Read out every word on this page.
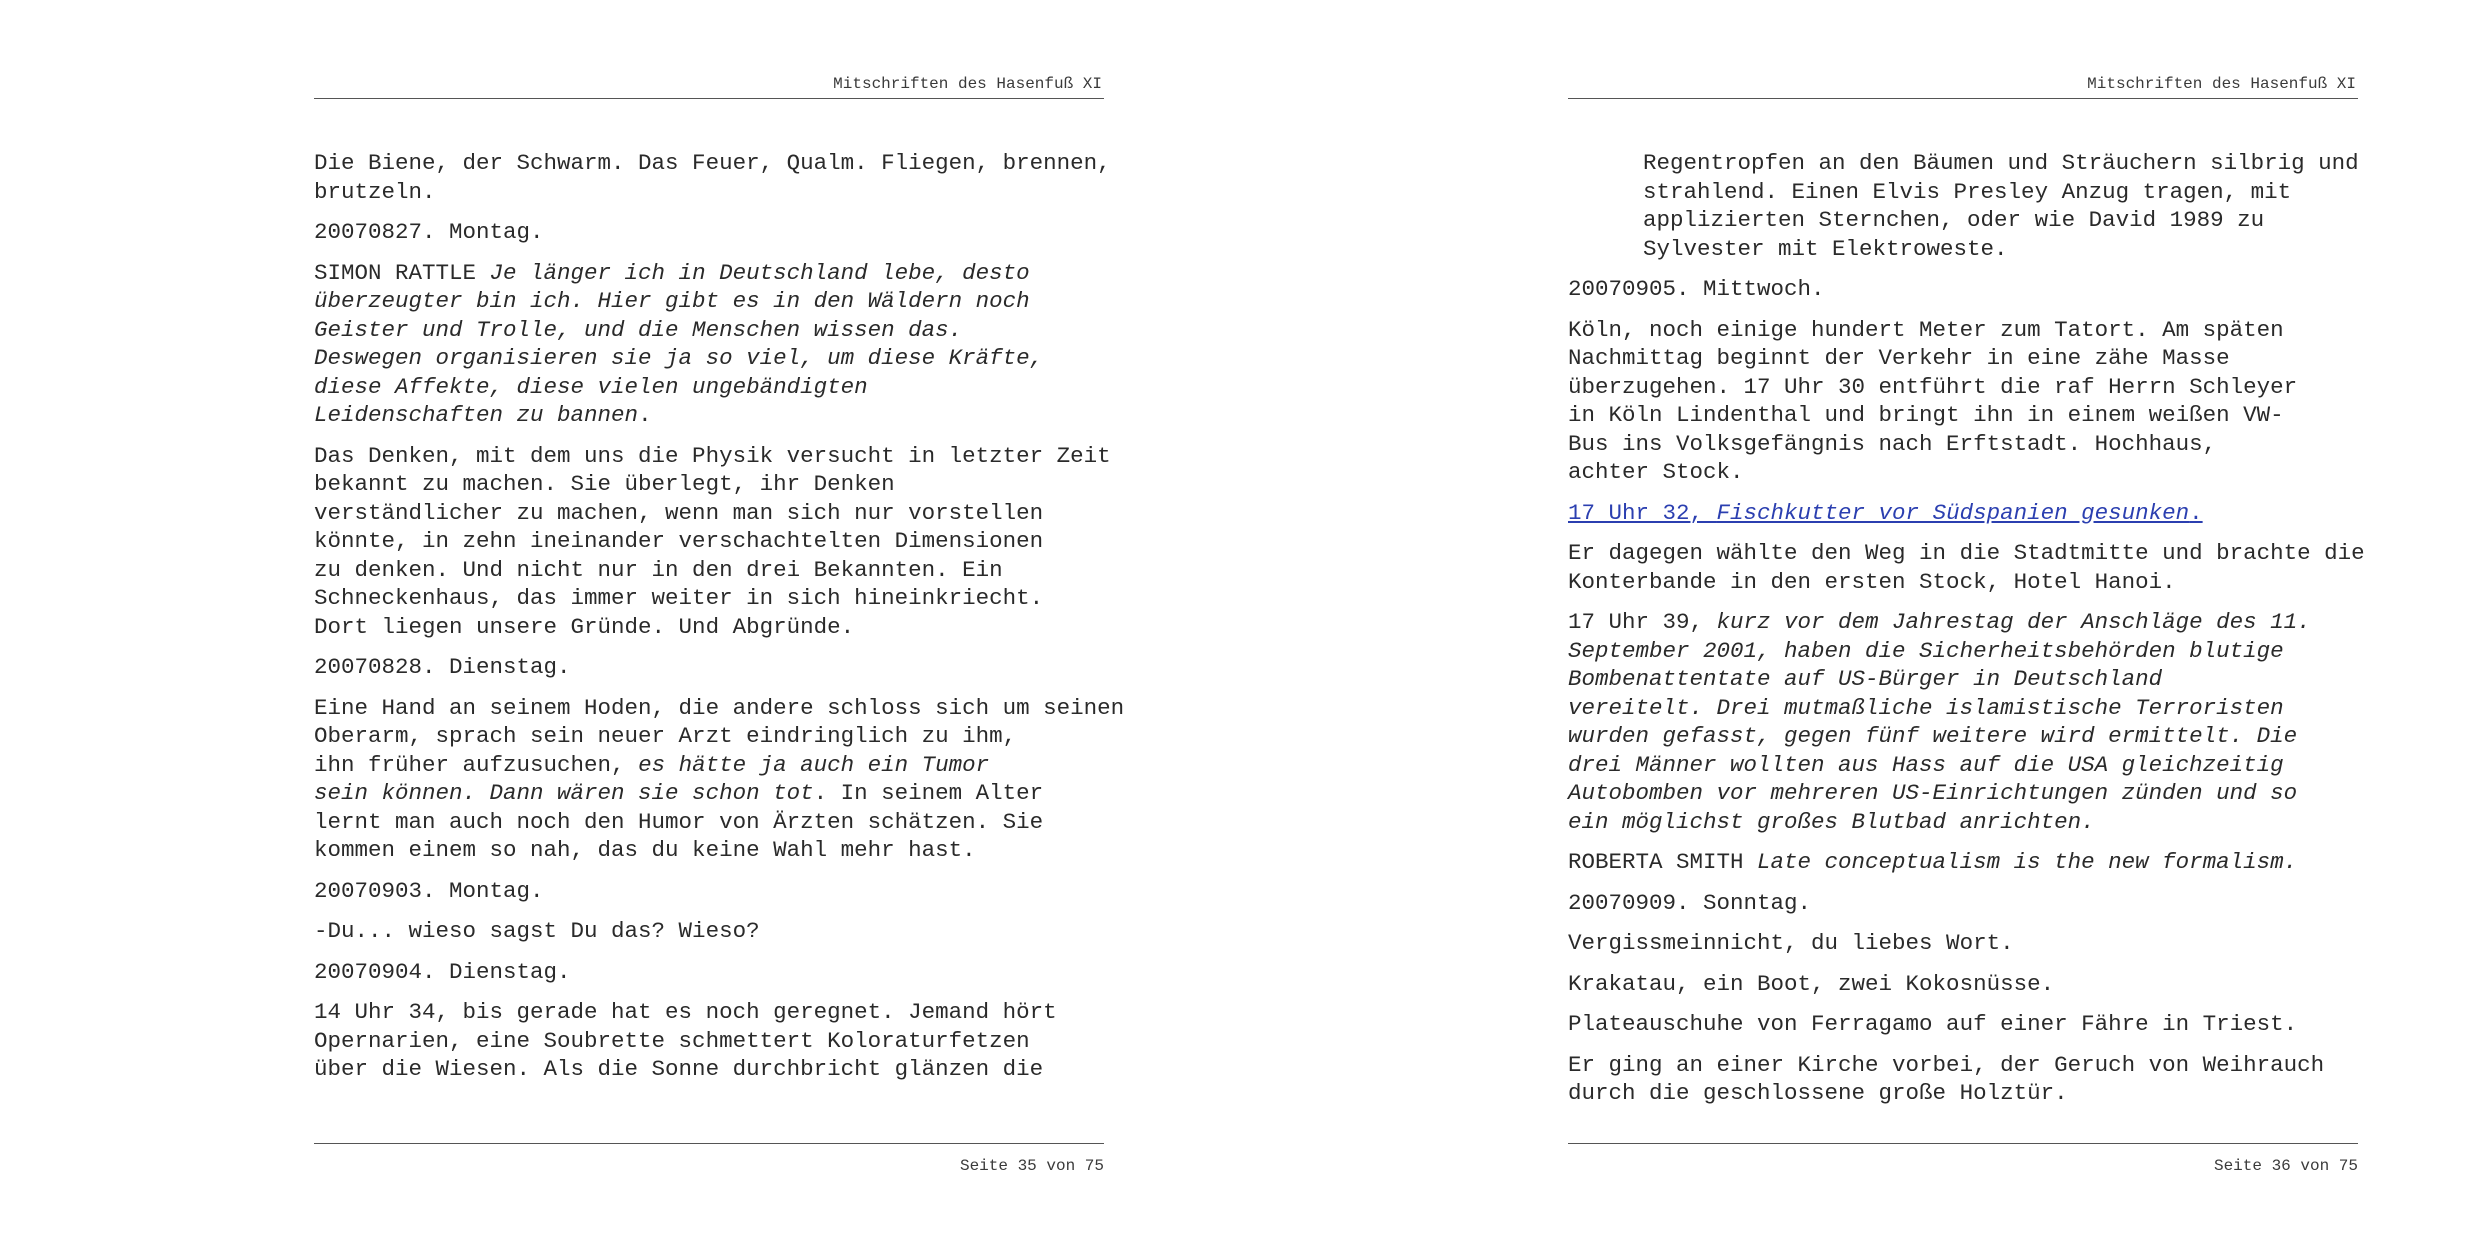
Mitschriften des Hasenfuß XI

Die Biene, der Schwarm. Das Feuer, Qualm. Fliegen, brennen,
brutzeln.

20070827. Montag.

SIMON RATTLE Je länger ich in Deutschland lebe, desto
überzeugter bin ich. Hier gibt es in den Wäldern noch
Geister und Trolle, und die Menschen wissen das.
Deswegen organisieren sie ja so viel, um diese Kräfte,
diese Affekte, diese vielen ungebändigten
Leidenschaften zu bannen.

Das Denken, mit dem uns die Physik versucht in letzter Zeit
bekannt zu machen. Sie überlegt, ihr Denken
verständlicher zu machen, wenn man sich nur vorstellen
könnte, in zehn ineinander verschachtelten Dimensionen
zu denken. Und nicht nur in den drei Bekannten. Ein
Schneckenhaus, das immer weiter in sich hineinkriecht.
Dort liegen unsere Gründe. Und Abgründe.

20070828. Dienstag.

Eine Hand an seinem Hoden, die andere schloss sich um seinen
Oberarm, sprach sein neuer Arzt eindringlich zu ihm,
ihn früher aufzusuchen, es hätte ja auch ein Tumor
sein können. Dann wären sie schon tot. In seinem Alter
lernt man auch noch den Humor von Ärzten schätzen. Sie
kommen einem so nah, das du keine Wahl mehr hast.

20070903. Montag.

-Du... wieso sagst Du das? Wieso?

20070904. Dienstag.

14 Uhr 34, bis gerade hat es noch geregnet. Jemand hört
Opernarien, eine Soubrette schmettert Koloraturfetzen
über die Wiesen. Als die Sonne durchbricht glänzen die

Seite 35 von 75
Mitschriften des Hasenfuß XI

Regentropfen an den Bäumen und Sträuchern silbrig und
strahlend. Einen Elvis Presley Anzug tragen, mit
applizierten Sternchen, oder wie David 1989 zu
Sylvester mit Elektroweste.

20070905. Mittwoch.

Köln, noch einige hundert Meter zum Tatort. Am späten
Nachmittag beginnt der Verkehr in eine zähe Masse
überzugehen. 17 Uhr 30 entführt die raf Herrn Schleyer
in Köln Lindenthal und bringt ihn in einem weißen VW-
Bus ins Volksgefängnis nach Erftstadt. Hochhaus,
achter Stock.

17 Uhr 32, Fischkutter vor Südspanien gesunken.

Er dagegen wählte den Weg in die Stadtmitte und brachte die
Konterbande in den ersten Stock, Hotel Hanoi.

17 Uhr 39, kurz vor dem Jahrestag der Anschläge des 11.
September 2001, haben die Sicherheitsbehörden blutige
Bombenattentate auf US-Bürger in Deutschland
vereitelt. Drei mutmaßliche islamistische Terroristen
wurden gefasst, gegen fünf weitere wird ermittelt. Die
drei Männer wollten aus Hass auf die USA gleichzeitig
Autobomben vor mehreren US-Einrichtungen zünden und so
ein möglichst großes Blutbad anrichten.

ROBERTA SMITH Late conceptualism is the new formalism.

20070909. Sonntag.

Vergissmeinnicht, du liebes Wort.

Krakatau, ein Boot, zwei Kokosnüsse.

Plateauschuhe von Ferragamo auf einer Fähre in Triest.

Er ging an einer Kirche vorbei, der Geruch von Weihrauch
durch die geschlossene große Holztür.

Seite 36 von 75
